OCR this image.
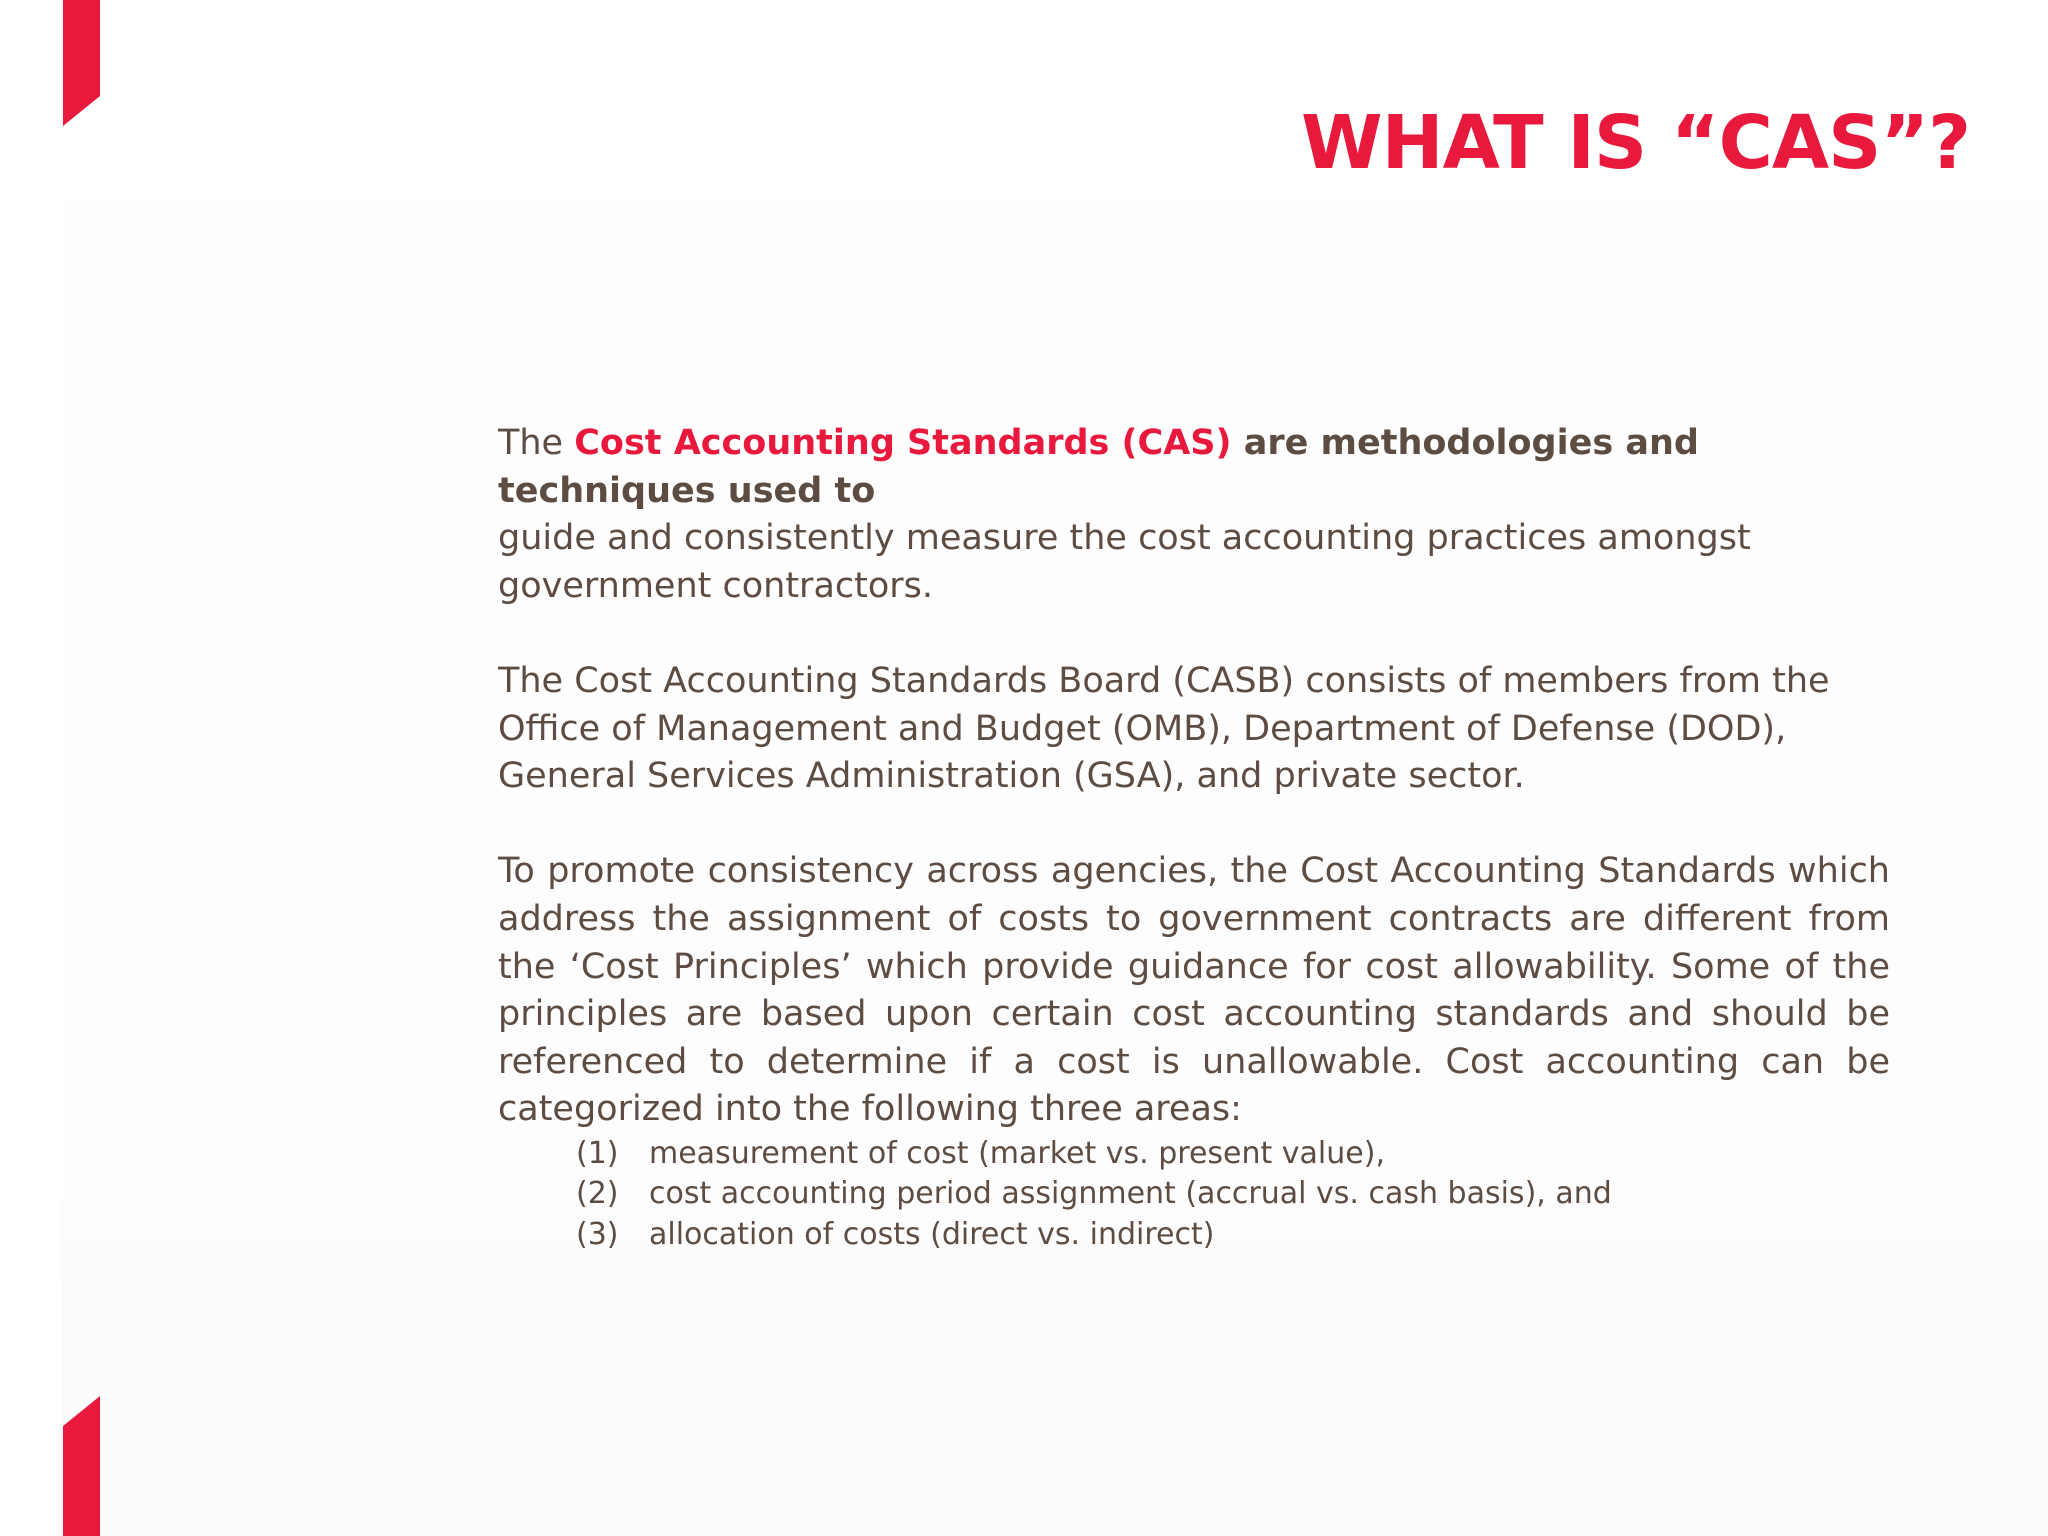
WHAT IS “CAS”?

The Cost Accounting Standards (CAS) are methodologies and techniques used to
guide and consistently measure the cost accounting practices amongst government contractors.

The Cost Accounting Standards Board (CASB) consists of members from the Office of Management and Budget (OMB), Department of Defense (DOD), General Services Administration (GSA), and private sector.

To promote consistency across agencies, the Cost Accounting Standards which address the assignment of costs to government contracts are different from the ‘Cost Principles’ which provide guidance for cost allowability. Some of the principles are based upon certain cost accounting standards and should be referenced to determine if a cost is unallowable. Cost accounting can be categorized into the following three areas:

(1)	measurement of cost (market vs. present value),
(2)	cost accounting period assignment (accrual vs. cash basis), and
(3)	allocation of costs (direct vs. indirect)
